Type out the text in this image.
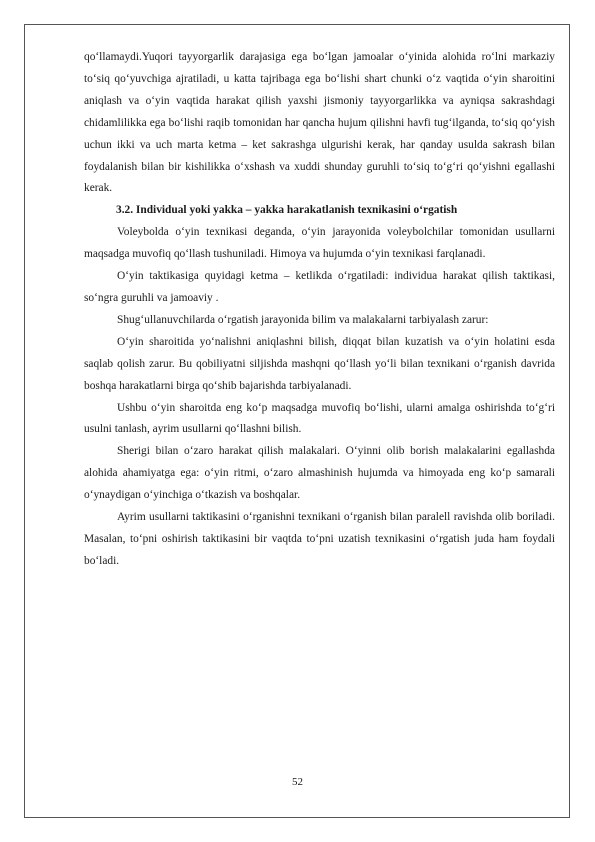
qo‘llamaydi.Yuqori tayyorgarlik darajasiga ega bo‘lgan jamoalar o‘yinida alohida ro‘lni markaziy to‘siq qo‘yuvchiga ajratiladi, u katta tajribaga ega bo‘lishi shart chunki o‘z vaqtida o‘yin sharoitini aniqlash va o‘yin vaqtida harakat qilish yaxshi jismoniy tayyorgarlikka va ayniqsa sakrashdagi chidamlilikka ega bo‘lishi raqib tomonidan har qancha hujum qilishni havfi tug‘ilganda, to‘siq qo‘yish uchun ikki va uch marta ketma – ket sakrashga ulgurishi kerak, har qanday usulda sakrash bilan foydalanish bilan bir kishilikka o‘xshash va xuddi shunday guruhli to‘siq to‘g‘ri qo‘yishni egallashi kerak.

3.2. Individual yoki yakka – yakka harakatlanish texnikasini o‘rgatish

Voleybolda o‘yin texnikasi deganda, o‘yin jarayonida voleybolchilar tomonidan usullarni maqsadga muvofiq qo‘llash tushuniladi. Himoya va hujumda o‘yin texnikasi farqlanadi.

O‘yin taktikasiga quyidagi ketma – ketlikda o‘rgatiladi: individua harakat qilish taktikasi, so‘ngra guruhli va jamoaviy .

Shug‘ullanuvchilarda o‘rgatish jarayonida bilim va malakalarni tarbiyalash zarur:

O‘yin sharoitida yo‘nalishni aniqlashni bilish, diqqat bilan kuzatish va o‘yin holatini esda saqlab qolish zarur. Bu qobiliyatni siljishda mashqni qo‘llash yo‘li bilan texnikani o‘rganish davrida boshqa harakatlarni birga qo‘shib bajarishda tarbiyalanadi.

Ushbu o‘yin sharoitda eng ko‘p maqsadga muvofiq bo‘lishi, ularni amalga oshirishda to‘g‘ri usulni tanlash, ayrim usullarni qo‘llashni bilish.

Sherigi bilan o‘zaro harakat qilish malakalari. O‘yinni olib borish malakalarini egallashda alohida ahamiyatga ega: o‘yin ritmi, o‘zaro almashinish hujumda va himoyada eng ko‘p samarali o‘ynaydigan o‘yinchiga o‘tkazish va boshqalar.

Ayrim usullarni taktikasini o‘rganishni texnikani o‘rganish bilan paralell ravishda olib boriladi. Masalan, to‘pni oshirish taktikasini bir vaqtda to‘pni uzatish texnikasini o‘rgatish juda ham foydali bo‘ladi.

52
